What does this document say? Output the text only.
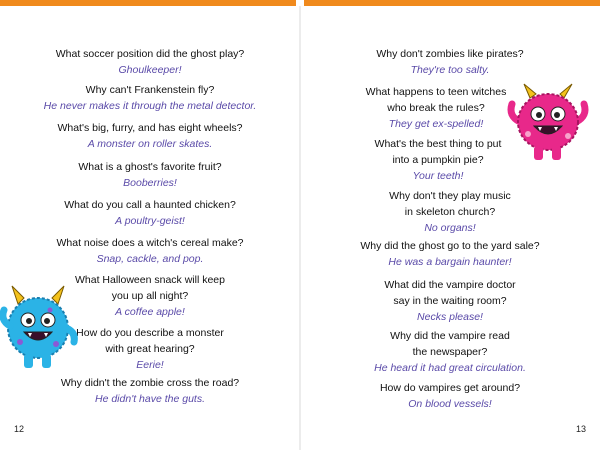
What soccer position did the ghost play?
Ghoulkeeper!
Why can't Frankenstein fly?
He never makes it through the metal detector.
What's big, furry, and has eight wheels?
A monster on roller skates.
What is a ghost's favorite fruit?
Booberries!
What do you call a haunted chicken?
A poultry-geist!
What noise does a witch's cereal make?
Snap, cackle, and pop.
What Halloween snack will keep
you up all night?
A coffee apple!
How do you describe a monster
with great hearing?
Eerie!
Why didn't the zombie cross the road?
He didn't have the guts.
12
Why don't zombies like pirates?
They're too salty.
What happens to teen witches
who break the rules?
They get ex-spelled!
What's the best thing to put
into a pumpkin pie?
Your teeth!
Why don't they play music
in skeleton church?
No organs!
Why did the ghost go to the yard sale?
He was a bargain haunter!
What did the vampire doctor
say in the waiting room?
Necks please!
Why did the vampire read
the newspaper?
He heard it had great circulation.
How do vampires get around?
On blood vessels!
13
